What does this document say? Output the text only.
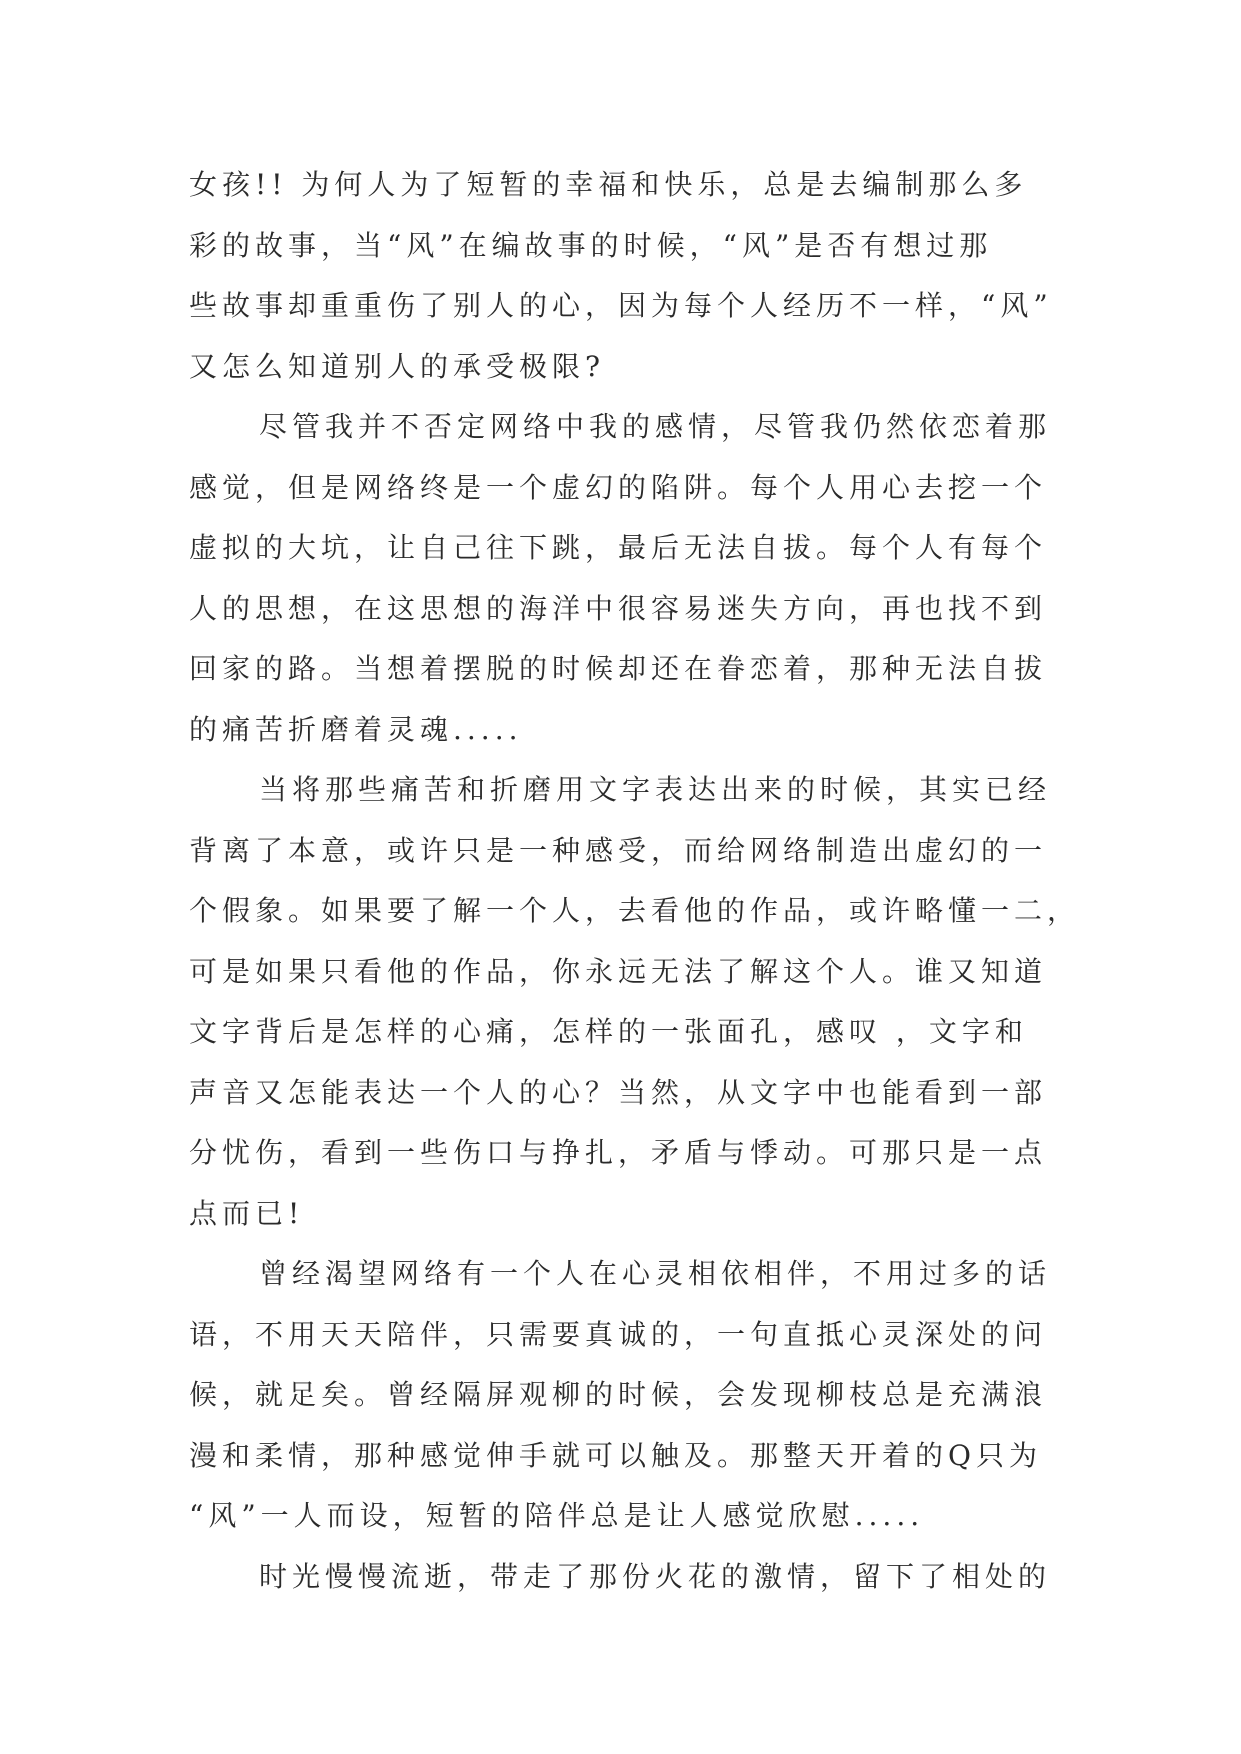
女孩!! 为何人为了短暂的幸福和快乐，总是去编制那么多
彩的故事，当“风”在编故事的时候，“风”是否有想过那
些故事却重重伤了别人的心，因为每个人经历不一样，“风”
又怎么知道别人的承受极限?
尽管我并不否定网络中我的感情，尽管我仍然依恋着那
感觉，但是网络终是一个虚幻的陷阱。每个人用心去挖一个
虚拟的大坑，让自己往下跳，最后无法自拔。每个人有每个
人的思想，在这思想的海洋中很容易迷失方向，再也找不到
回家的路。当想着摆脱的时候却还在眷恋着，那种无法自拔
的痛苦折磨着灵魂.....
当将那些痛苦和折磨用文字表达出来的时候，其实已经
背离了本意，或许只是一种感受，而给网络制造出虚幻的一
个假象。如果要了解一个人，去看他的作品，或许略懂一二，
可是如果只看他的作品，你永远无法了解这个人。谁又知道
文字背后是怎样的心痛，怎样的一张面孔，感叹 ，文字和
声音又怎能表达一个人的心？当然，从文字中也能看到一部
分忧伤，看到一些伤口与挣扎，矛盾与悸动。可那只是一点
点而已!
曾经渴望网络有一个人在心灵相依相伴，不用过多的话
语，不用天天陪伴，只需要真诚的，一句直抵心灵深处的问
候，就足矣。曾经隔屏观柳的时候，会发现柳枝总是充满浪
漫和柔情，那种感觉伸手就可以触及。那整天开着的Q只为
“风”一人而设，短暂的陪伴总是让人感觉欣慰.....
时光慢慢流逝，带走了那份火花的激情，留下了相处的
